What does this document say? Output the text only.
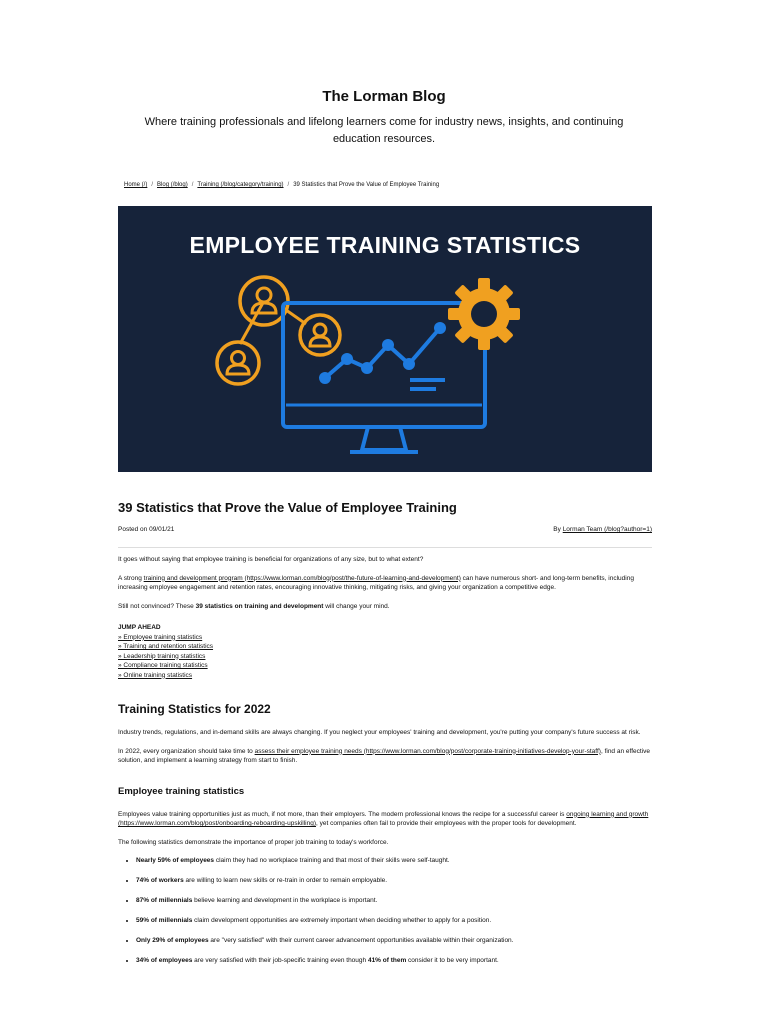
The Lorman Blog
Where training professionals and lifelong learners come for industry news, insights, and continuing education resources.
Home (/) / Blog (/blog) / Training (/blog/category/training) / 39 Statistics that Prove the Value of Employee Training
EMPLOYEE TRAINING STATISTICS
39 Statistics that Prove the Value of Employee Training
Posted on 09/01/21	By Lorman Team (/blog?author=1)

It goes without saying that employee training is beneficial for organizations of any size, but to what extent?

A strong training and development program (https://www.lorman.com/blog/post/the-future-of-learning-and-development) can have numerous short- and long-term benefits, including increasing employee engagement and retention rates, encouraging innovative thinking, mitigating risks, and giving your organization a competitive edge.

Still not convinced? These 39 statistics on training and development will change your mind.

JUMP AHEAD
» Employee training statistics
» Training and retention statistics
» Leadership training statistics
» Compliance training statistics
» Online training statistics
Training Statistics for 2022

Industry trends, regulations, and in-demand skills are always changing. If you neglect your employees' training and development, you're putting your company's future success at risk.

In 2022, every organization should take time to assess their employee training needs (https://www.lorman.com/blog/post/corporate-training-initiatives-develop-your-staff), find an effective solution, and implement a learning strategy from start to finish.

Employee training statistics

Employees value training opportunities just as much, if not more, than their employers. The modern professional knows the recipe for a successful career is ongoing learning and growth (https://www.lorman.com/blog/post/onboarding-reboarding-upskilling), yet companies often fail to provide their employees with the proper tools for development.

The following statistics demonstrate the importance of proper job training to today's workforce.

• Nearly 59% of employees claim they had no workplace training and that most of their skills were self-taught.
• 74% of workers are willing to learn new skills or re-train in order to remain employable.
• 87% of millennials believe learning and development in the workplace is important.
• 59% of millennials claim development opportunities are extremely important when deciding whether to apply for a position.
• Only 29% of employees are "very satisfied" with their current career advancement opportunities available within their organization.
• 34% of employees are very satisfied with their job-specific training even though 41% of them consider it to be very important.
